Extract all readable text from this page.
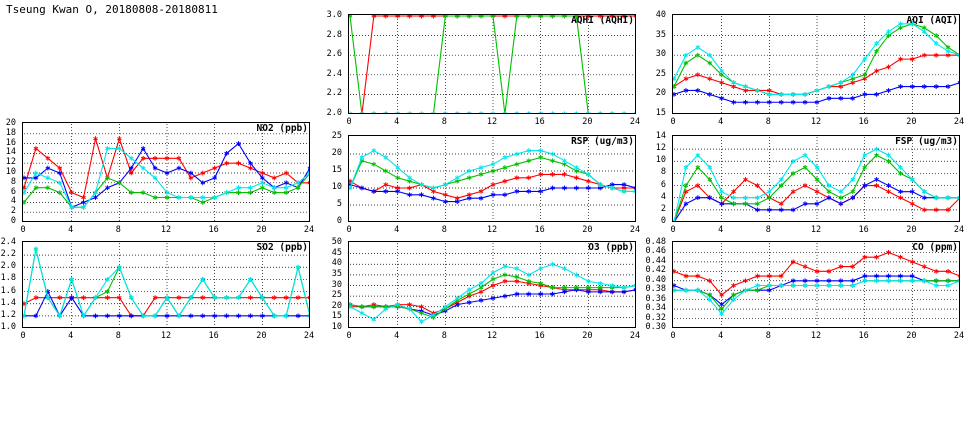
Tseung Kwan O, 20180808-20180811
NO2 (ppb)
0
2
4
6
8
10
12
14
16
18
20
0	4	8	12	16	20	24
AQHI (AQHI)
2.0
2.2
2.4
2.6
2.8
3.0
0	4	8	12	16	20	24
AQI (AQI)
15
20
25
30
35
40
0	4	8	12	16	20	24
RSP (ug/m3)
0
5
10
15
20
25
0	4	8	12	16	20	24
FSP (ug/m3)
0
2
4
6
8
10
12
14
0	4	8	12	16	20	24
SO2 (ppb)
1.0
1.2
1.4
1.6
1.8
2.0
2.2
2.4
0	4	8	12	16	20	24
O3 (ppb)
10
15
20
25
30
35
40
45
50
0	4	8	12	16	20	24
CO (ppm)
0.30
0.32
0.34
0.36
0.38
0.40
0.42
0.44
0.46
0.48
0	4	8	12	16	20	24
